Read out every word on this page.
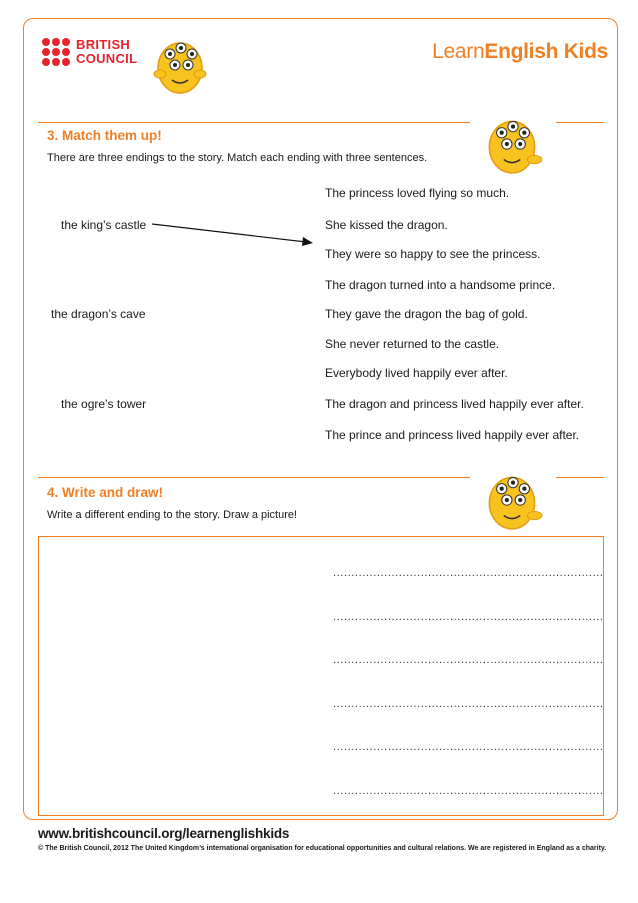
BRITISH
COUNCIL	LearnEnglish Kids
3. Match them up!
There are three endings to the story. Match each ending with three sentences.
the king’s castle
the dragon’s cave
the ogre’s tower
The princess loved flying so much.
She kissed the dragon.
They were so happy to see the princess.
The dragon turned into a handsome prince.
They gave the dragon the bag of gold.
She never returned to the castle.
Everybody lived happily ever after.
The dragon and princess lived happily ever after.
The prince and princess lived happily ever after.
4. Write and draw!
Write a different ending to the story. Draw a picture!
..........................................................................
..........................................................................
..........................................................................
..........................................................................
..........................................................................
..........................................................................
www.britishcouncil.org/learnenglishkids
© The British Council, 2012 The United Kingdom’s international organisation for educational opportunities and cultural relations. We are registered in England as a charity.
